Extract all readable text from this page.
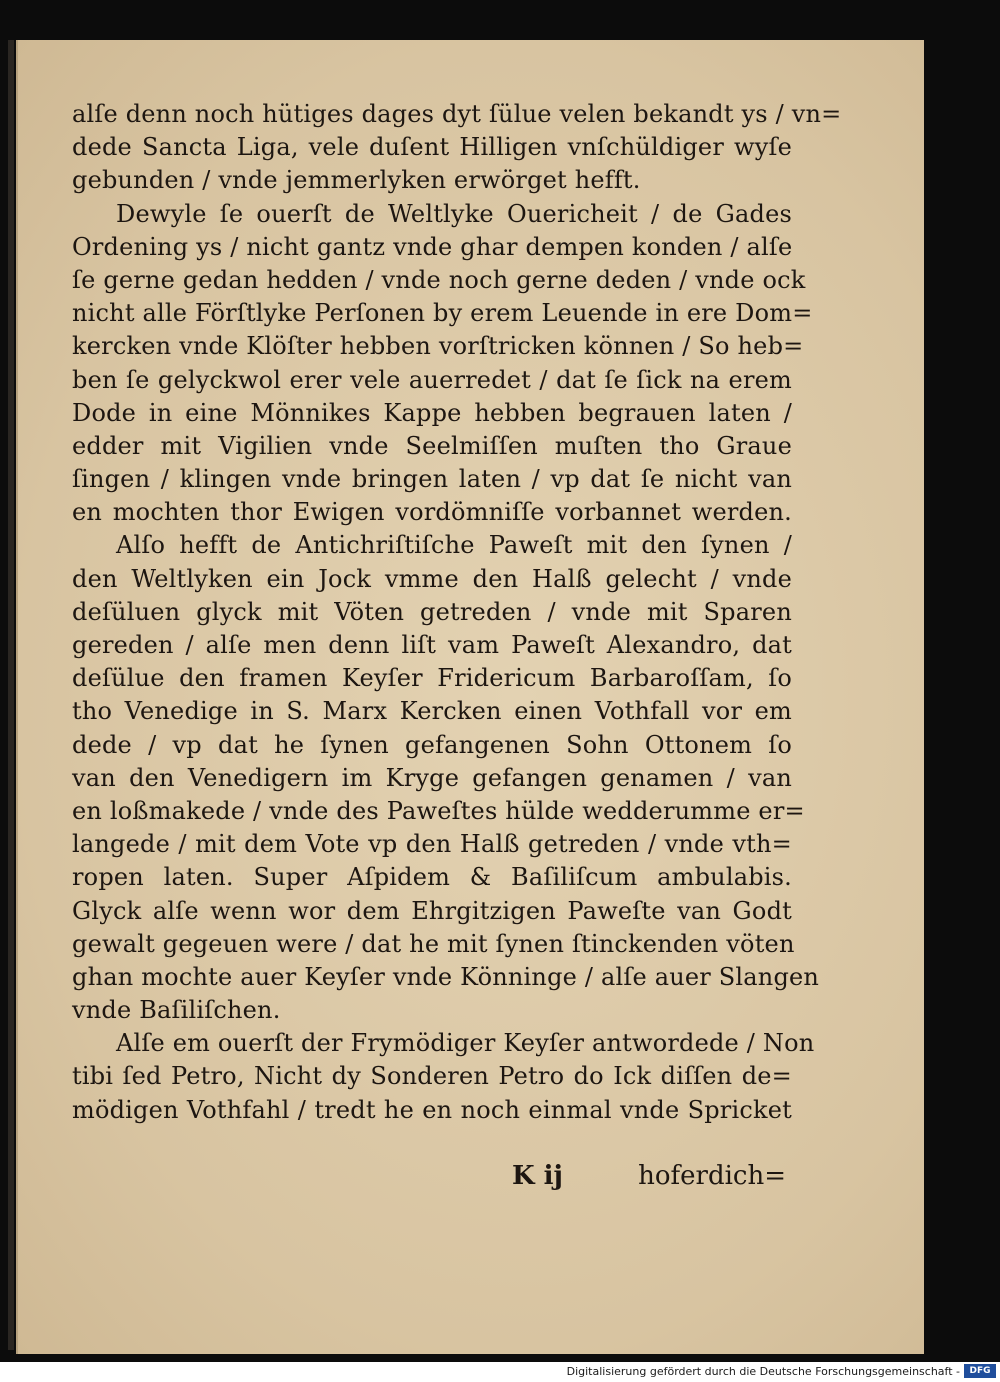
alſe denn noch hütiges dages dyt ſülue velen bekandt ys / vn=
dede Sancta Liga, vele duſent Hilligen vnſchüldiger wyſe
gebunden / vnde jemmerlyken erwörget hefft.
Dewyle ſe ouerſt de Weltlyke Ouericheit / de Gades
Ordening ys / nicht gantz vnde ghar dempen konden / alſe
ſe gerne gedan hedden / vnde noch gerne deden / vnde ock
nicht alle Förſtlyke Perſonen by erem Leuende in ere Dom=
kercken vnde Klöſter hebben vorſtricken können / So heb=
ben ſe gelyckwol erer vele auerredet / dat ſe ſick na erem
Dode in eine Mönnikes Kappe hebben begrauen laten /
edder mit Vigilien vnde Seelmiſſen muſten tho Graue
ſingen / klingen vnde bringen laten / vp dat ſe nicht van
en mochten thor Ewigen vordömniſſe vorbannet werden.
Alſo hefft de Antichriſtiſche Paweſt mit den ſynen /
den Weltlyken ein Jock vmme den Halß gelecht / vnde
deſüluen glyck mit Vöten getreden / vnde mit Sparen
gereden / alſe men denn liſt vam Paweſt Alexandro, dat
deſülue den framen Keyſer Fridericum Barbaroſſam, ſo
tho Venedige in S. Marx Kercken einen Vothfall vor em
dede / vp dat he ſynen gefangenen Sohn Ottonem ſo
van den Venedigern im Kryge gefangen genamen / van
en loßmakede / vnde des Paweſtes hülde wedderumme er=
langede / mit dem Vote vp den Halß getreden / vnde vth=
ropen laten. Super Aſpidem & Baſiliſcum ambulabis.
Glyck alſe wenn wor dem Ehrgitzigen Paweſte van Godt
gewalt gegeuen were / dat he mit ſynen ſtinckenden vöten
ghan mochte auer Keyſer vnde Könninge / alſe auer Slangen
vnde Baſiliſchen.
Alſe em ouerſt der Frymödiger Keyſer antwordede / Non
tibi ſed Petro, Nicht dy Sonderen Petro do Ick diſſen de=
mödigen Vothfahl / tredt he en noch einmal vnde Spricket
K ij	hoferdich=
Digitalisierung gefördert durch die Deutsche Forschungsgemeinschaft -	DFG
